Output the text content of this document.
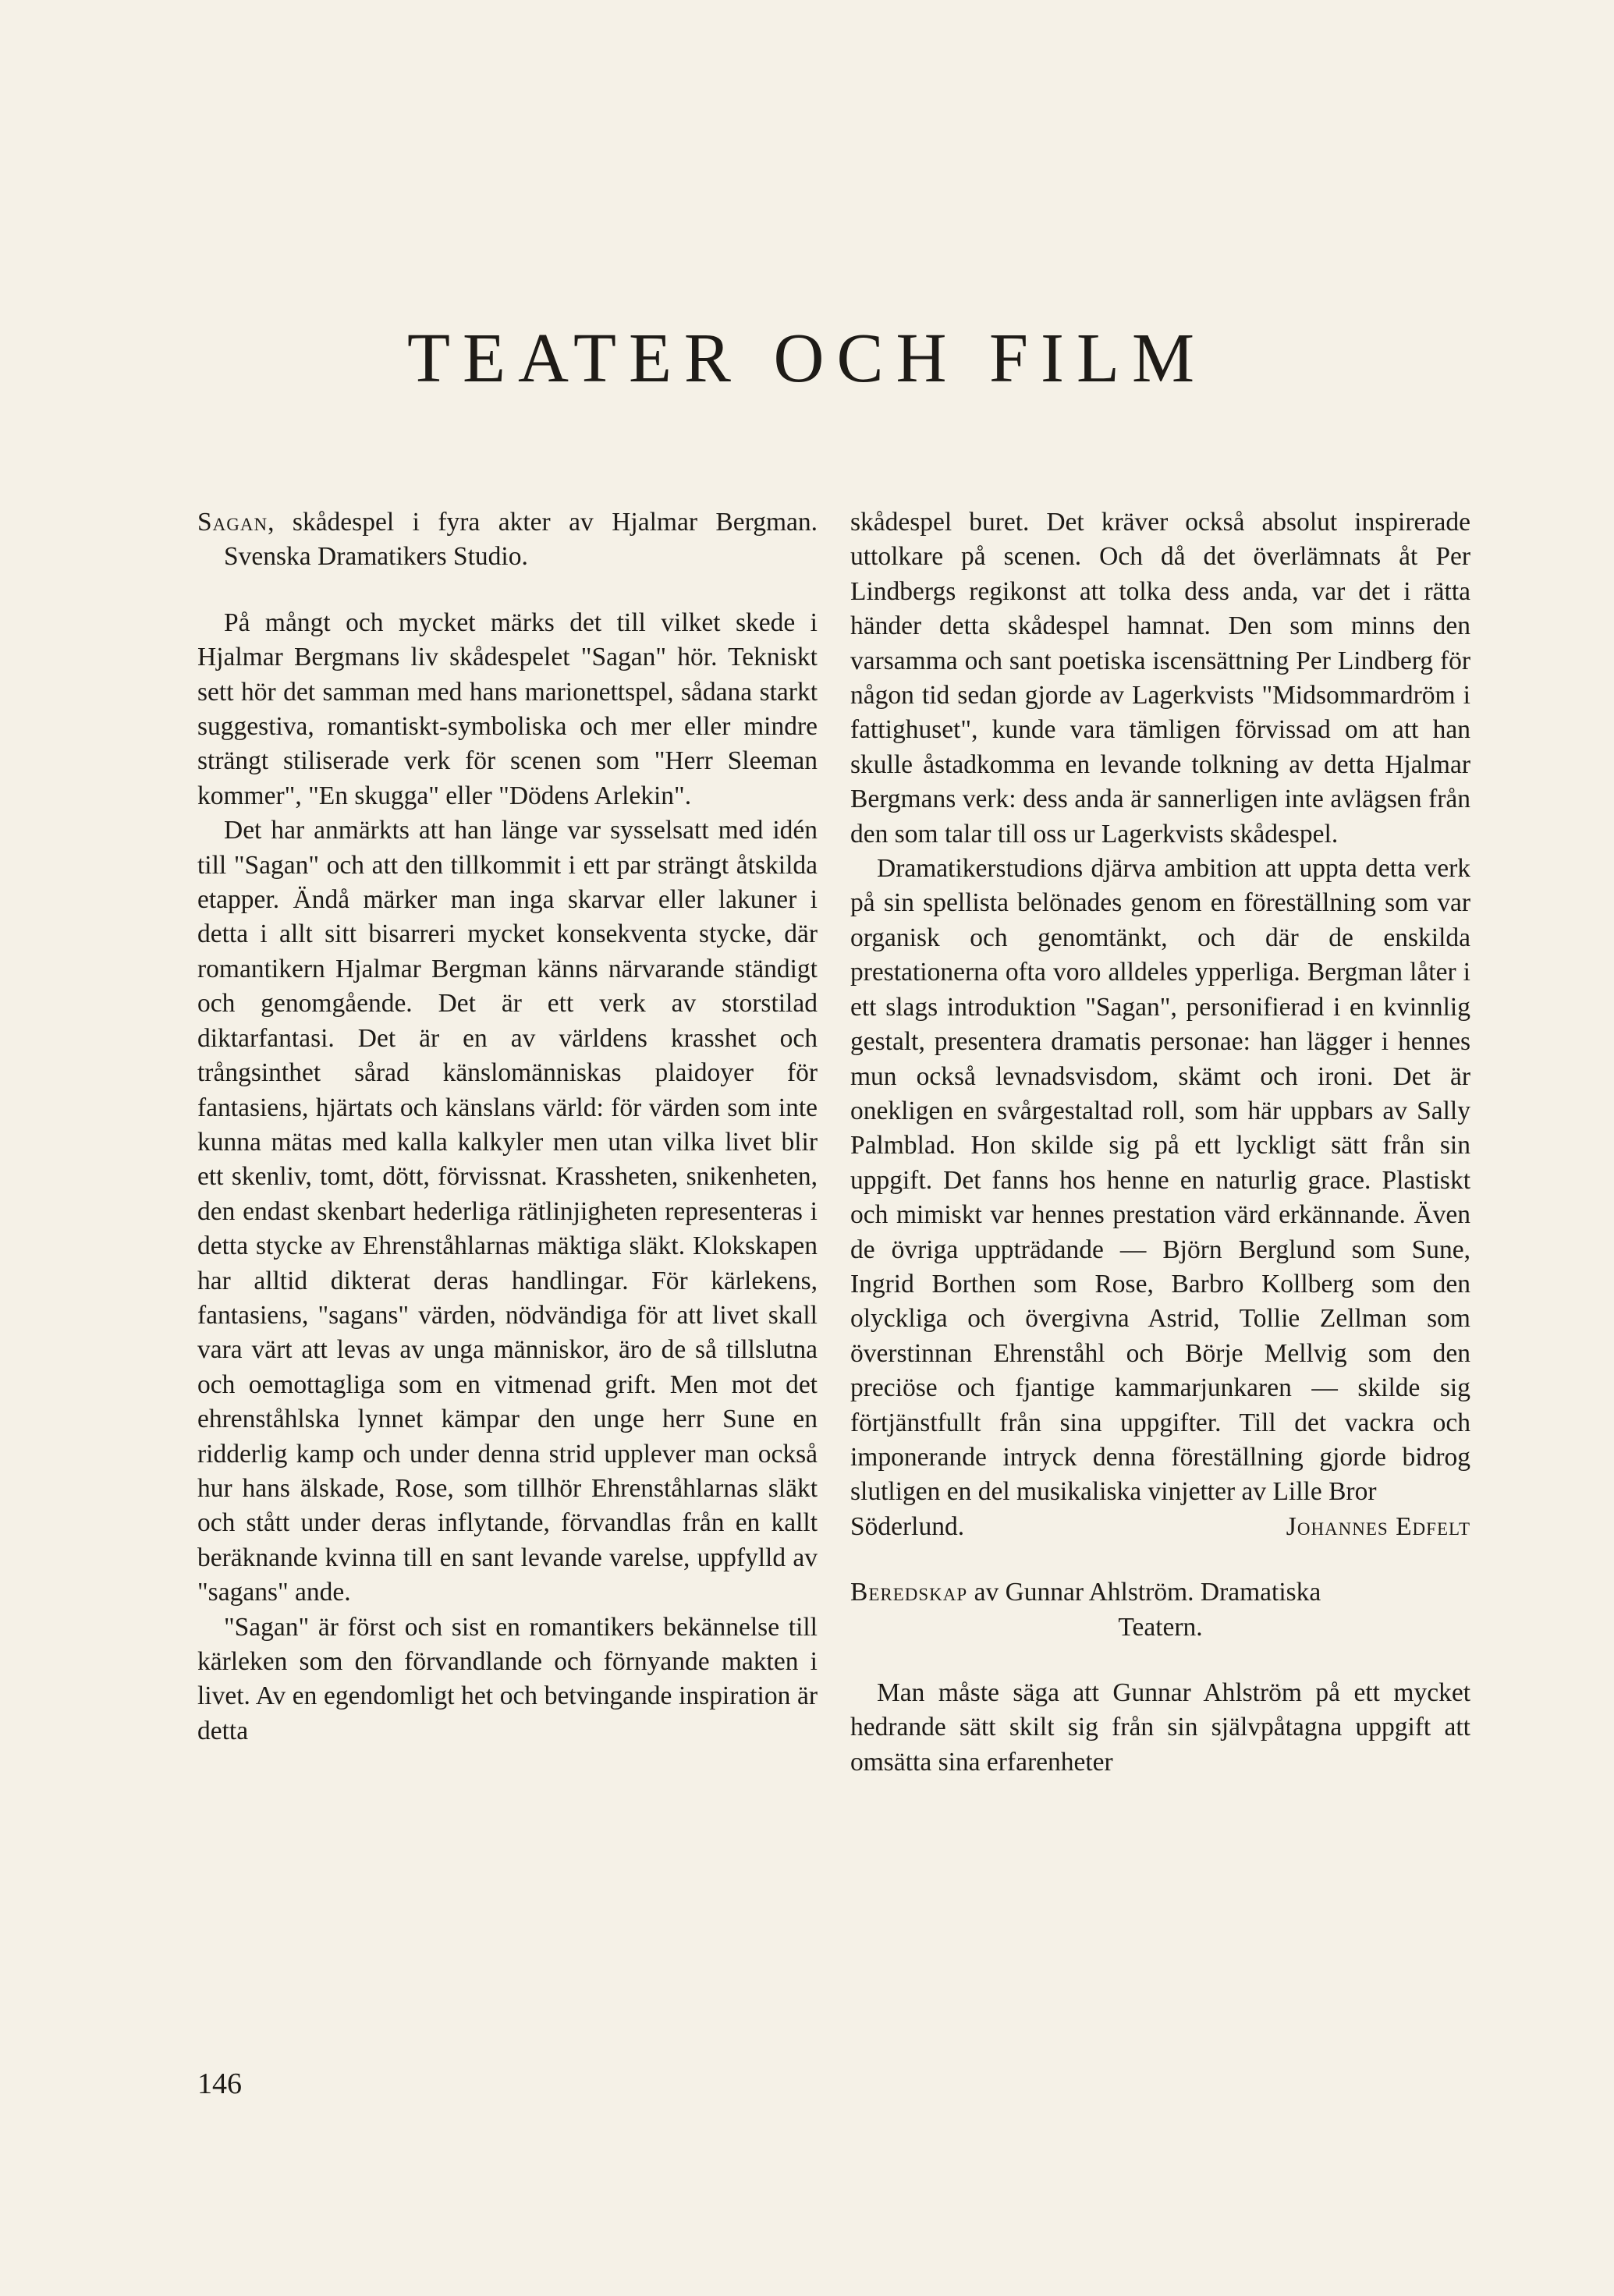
TEATER OCH FILM

Sagan, skådespel i fyra akter av Hjalmar Bergman. Svenska Dramatikers Studio.

På mångt och mycket märks det till vilket skede i Hjalmar Bergmans liv skådespelet "Sagan" hör. Tekniskt sett hör det samman med hans marionettspel, sådana starkt suggestiva, romantiskt-symboliska och mer eller mindre strängt stiliserade verk för scenen som "Herr Sleeman kommer", "En skugga" eller "Dödens Arlekin".

Det har anmärkts att han länge var sysselsatt med idén till "Sagan" och att den tillkommit i ett par strängt åtskilda etapper. Ändå märker man inga skarvar eller lakuner i detta i allt sitt bisarreri mycket konsekventa stycke, där romantikern Hjalmar Bergman känns närvarande ständigt och genomgående. Det är ett verk av storstilad diktarfantasi. Det är en av världens krasshet och trångsinthet sårad känslomänniskas plaidoyer för fantasiens, hjärtats och känslans värld: för värden som inte kunna mätas med kalla kalkyler men utan vilka livet blir ett skenliv, tomt, dött, förvissnat. Krassheten, snikenheten, den endast skenbart hederliga rätlinjigheten representeras i detta stycke av Ehrenståhlarnas mäktiga släkt. Klokskapen har alltid dikterat deras handlingar. För kärlekens, fantasiens, "sagans" värden, nödvändiga för att livet skall vara värt att levas av unga människor, äro de så tillslutna och oemottagliga som en vitmenad grift. Men mot det ehrenståhlska lynnet kämpar den unge herr Sune en ridderlig kamp och under denna strid upplever man också hur hans älskade, Rose, som tillhör Ehrenståhlarnas släkt och stått under deras inflytande, förvandlas från en kallt beräknande kvinna till en sant levande varelse, uppfylld av "sagans" ande.

"Sagan" är först och sist en romantikers bekännelse till kärleken som den förvandlande och förnyande makten i livet. Av en egendomligt het och betvingande inspiration är detta

skådespel buret. Det kräver också absolut inspirerade uttolkare på scenen. Och då det överlämnats åt Per Lindbergs regikonst att tolka dess anda, var det i rätta händer detta skådespel hamnat. Den som minns den varsamma och sant poetiska iscensättning Per Lindberg för någon tid sedan gjorde av Lagerkvists "Midsommardröm i fattighuset", kunde vara tämligen förvissad om att han skulle åstadkomma en levande tolkning av detta Hjalmar Bergmans verk: dess anda är sannerligen inte avlägsen från den som talar till oss ur Lagerkvists skådespel.

Dramatikerstudions djärva ambition att uppta detta verk på sin spellista belönades genom en föreställning som var organisk och genomtänkt, och där de enskilda prestationerna ofta voro alldeles ypperliga. Bergman låter i ett slags introduktion "Sagan", personifierad i en kvinnlig gestalt, presentera dramatis personae: han lägger i hennes mun också levnadsvisdom, skämt och ironi. Det är onekligen en svårgestaltad roll, som här uppbars av Sally Palmblad. Hon skilde sig på ett lyckligt sätt från sin uppgift. Det fanns hos henne en naturlig grace. Plastiskt och mimiskt var hennes prestation värd erkännande. Även de övriga uppträdande — Björn Berglund som Sune, Ingrid Borthen som Rose, Barbro Kollberg som den olyckliga och övergivna Astrid, Tollie Zellman som överstinnan Ehrenståhl och Börje Mellvig som den preciöse och fjantige kammarjunkaren — skilde sig förtjänstfullt från sina uppgifter. Till det vackra och imponerande intryck denna föreställning gjorde bidrog slutligen en del musikaliska vinjetter av Lille Bror

Söderlund.	Johannes Edfelt

Beredskap av Gunnar Ahlström. Dramatiska

Teatern.

Man måste säga att Gunnar Ahlström på ett mycket hedrande sätt skilt sig från sin självpåtagna uppgift att omsätta sina erfarenheter

146
